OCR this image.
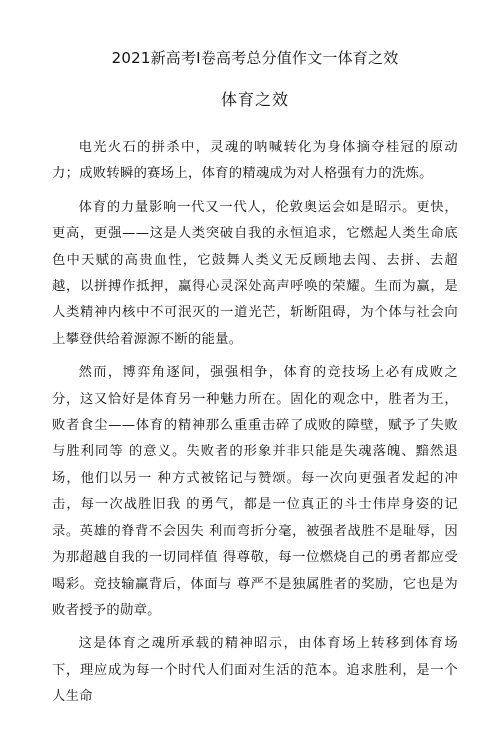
2021新高考Ⅰ卷高考总分值作文一体育之效
体育之效

电光火石的拼杀中，灵魂的呐喊转化为身体摘夺桂冠的原动力；成败转瞬的赛场上，体育的精魂成为对人格强有力的洗炼。

体育的力量影响一代又一代人，伦敦奥运会如是昭示。更快，更高，更强——这是人类突破自我的永恒追求，它燃起人类生命底色中天赋的高贵血性，它鼓舞人类义无反顾地去闯、去拼、去超越，以拼搏作抵押，赢得心灵深处高声呼唤的荣耀。生而为赢，是人类精神内核中不可泯灭的一道光芒，斩断阻碍，为个体与社会向上攀登供给着源源不断的能量。

然而，博弈角逐间，强强相争，体育的竞技场上必有成败之分，这又恰好是体育另一种魅力所在。固化的观念中，胜者为王，败者食尘——体育的精神那么重重击碎了成败的障壁，赋予了失败与胜利同等 的意义。失败者的形象并非只能是失魂落魄、黯然退场，他们以另一 种方式被铭记与赞颂。每一次向更强者发起的冲击，每一次战胜旧我 的勇气，都是一位真正的斗士伟岸身姿的记录。英雄的脊背不会因失 利而弯折分毫，被强者战胜不是耻辱，因为那超越自我的一切同样值 得尊敬，每一位燃烧自己的勇者都应受喝彩。竞技输赢背后，体面与 尊严不是独属胜者的奖励，它也是为败者授予的勋章。

这是体育之魂所承载的精神昭示，由体育场上转移到体育场下，理应成为每一个时代人们面对生活的范本。追求胜利，是一个人生命
